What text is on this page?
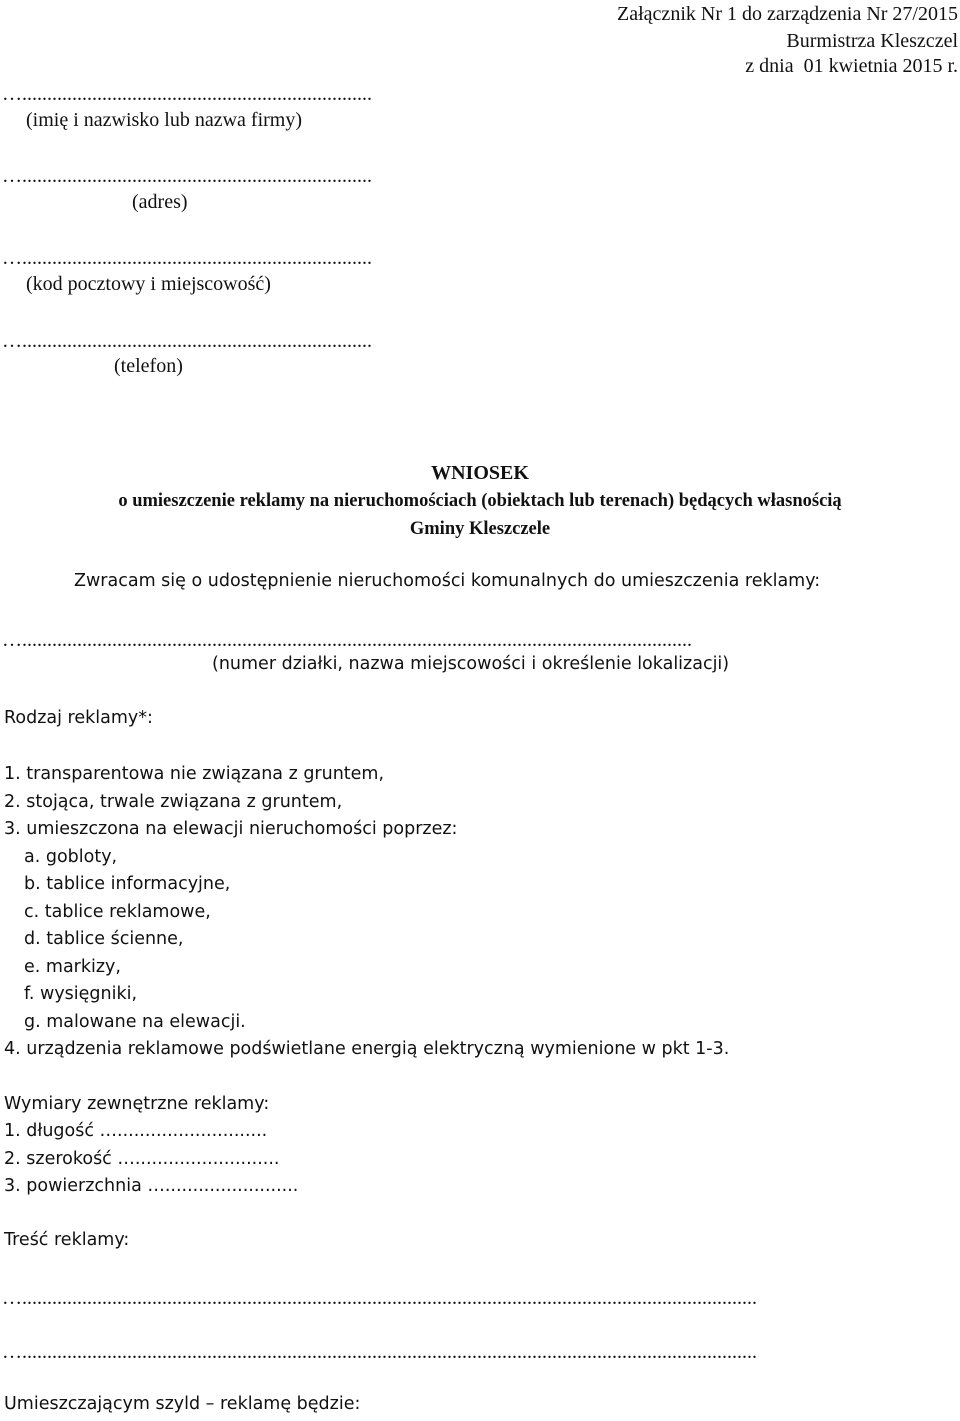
Załącznik Nr 1 do zarządzenia Nr 27/2015
Burmistrza Kleszczel
z dnia  01 kwietnia 2015 r.
…......................................................................
(imię i nazwisko lub nazwa firmy)
…......................................................................
(adres)
…......................................................................
(kod pocztowy i miejscowość)
…......................................................................
(telefon)
WNIOSEK
o umieszczenie reklamy na nieruchomościach (obiektach lub terenach) będących własnością
Gminy Kleszczele
Zwracam się o udostępnienie nieruchomości komunalnych do umieszczenia reklamy:
…......................................................................................................................................
(numer działki, nazwa miejscowości i określenie lokalizacji)
Rodzaj reklamy*:
1. transparentowa nie związana z gruntem,
2. stojąca, trwale związana z gruntem,
3. umieszczona na elewacji nieruchomości poprzez:
a. gobloty,
b. tablice informacyjne,
c. tablice reklamowe,
d. tablice ścienne,
e. markizy,
f. wysięgniki,
g. malowane na elewacji.
4. urządzenia reklamowe podświetlane energią elektryczną wymienione w pkt 1-3.
Wymiary zewnętrzne reklamy:
1. długość …...........................
2. szerokość …..........................
3. powierzchnia …........................
Treść reklamy:
…...................................................................................................................................................
…...................................................................................................................................................
Umieszczającym szyld – reklamę będzie:
